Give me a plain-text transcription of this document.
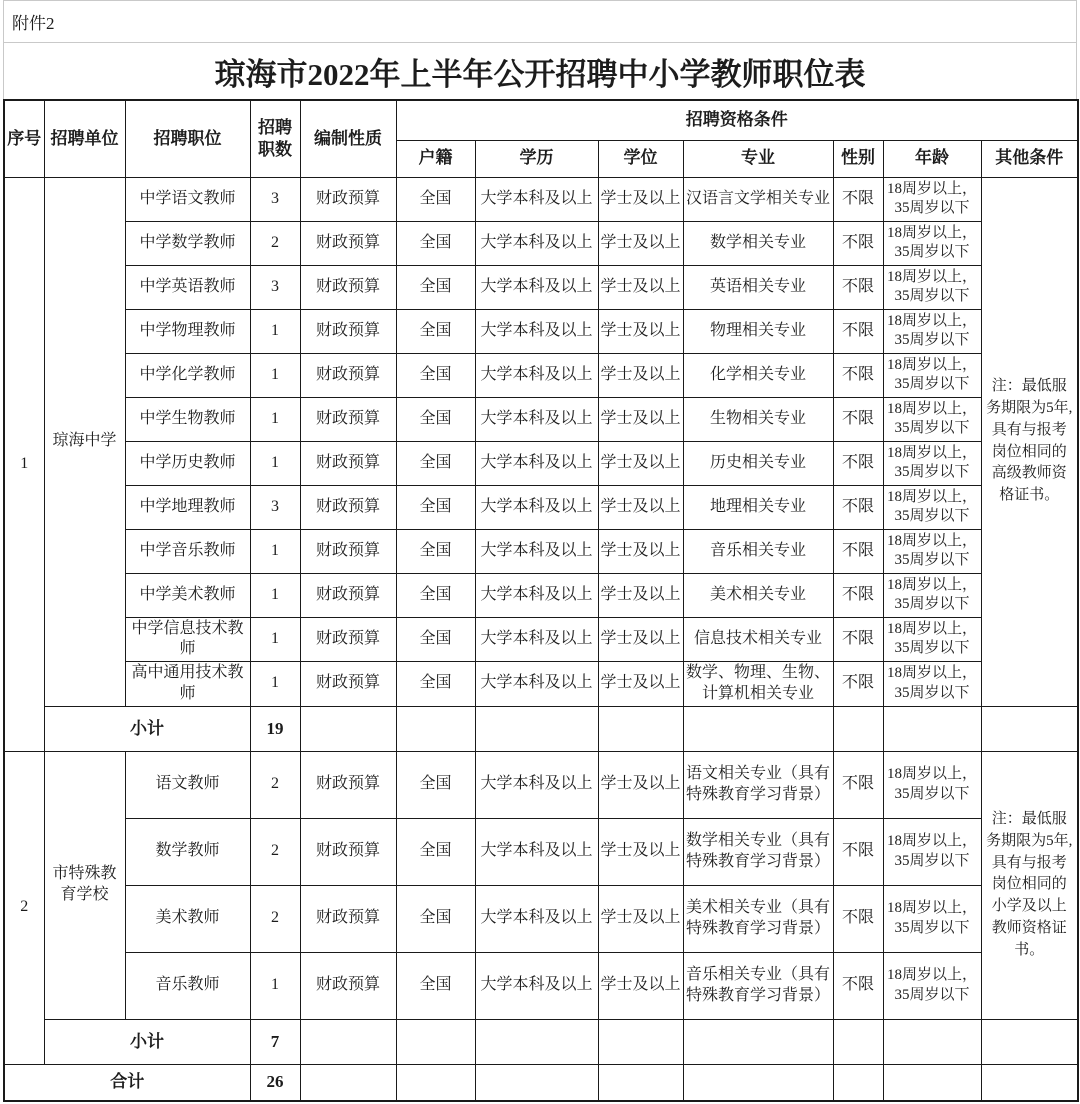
附件2
琼海市2022年上半年公开招聘中小学教师职位表
序号	招聘单位	招聘职位	招聘职数	编制性质	招聘资格条件						
					户籍	学历	学位	专业	性别	年龄	其他条件
1	琼海中学	中学语文教师	3	财政预算	全国	大学本科及以上	学士及以上	汉语言文学相关专业	不限	18周岁以上，35周岁以下	注：最低服务期限为5年,具有与报考岗位相同的高级教师资格证书。
		中学数学教师	2	财政预算	全国	大学本科及以上	学士及以上	数学相关专业	不限	18周岁以上，35周岁以下	
		中学英语教师	3	财政预算	全国	大学本科及以上	学士及以上	英语相关专业	不限	18周岁以上，35周岁以下	
		中学物理教师	1	财政预算	全国	大学本科及以上	学士及以上	物理相关专业	不限	18周岁以上，35周岁以下	
		中学化学教师	1	财政预算	全国	大学本科及以上	学士及以上	化学相关专业	不限	18周岁以上，35周岁以下	
		中学生物教师	1	财政预算	全国	大学本科及以上	学士及以上	生物相关专业	不限	18周岁以上，35周岁以下	
		中学历史教师	1	财政预算	全国	大学本科及以上	学士及以上	历史相关专业	不限	18周岁以上，35周岁以下	
		中学地理教师	3	财政预算	全国	大学本科及以上	学士及以上	地理相关专业	不限	18周岁以上，35周岁以下	
		中学音乐教师	1	财政预算	全国	大学本科及以上	学士及以上	音乐相关专业	不限	18周岁以上，35周岁以下	
		中学美术教师	1	财政预算	全国	大学本科及以上	学士及以上	美术相关专业	不限	18周岁以上，35周岁以下	
		中学信息技术教师	1	财政预算	全国	大学本科及以上	学士及以上	信息技术相关专业	不限	18周岁以上，35周岁以下	
		高中通用技术教师	1	财政预算	全国	大学本科及以上	学士及以上	数学、物理、生物、计算机相关专业	不限	18周岁以上，35周岁以下	
	小计		19								
2	市特殊教育学校	语文教师	2	财政预算	全国	大学本科及以上	学士及以上	语文相关专业（具有特殊教育学习背景）	不限	18周岁以上，35周岁以下	注：最低服务期限为5年,具有与报考岗位相同的小学及以上教师资格证书。
		数学教师	2	财政预算	全国	大学本科及以上	学士及以上	数学相关专业（具有特殊教育学习背景）	不限	18周岁以上，35周岁以下	
		美术教师	2	财政预算	全国	大学本科及以上	学士及以上	美术相关专业（具有特殊教育学习背景）	不限	18周岁以上，35周岁以下	
		音乐教师	1	财政预算	全国	大学本科及以上	学士及以上	音乐相关专业（具有特殊教育学习背景）	不限	18周岁以上，35周岁以下	
	小计		7								
合计			26								
